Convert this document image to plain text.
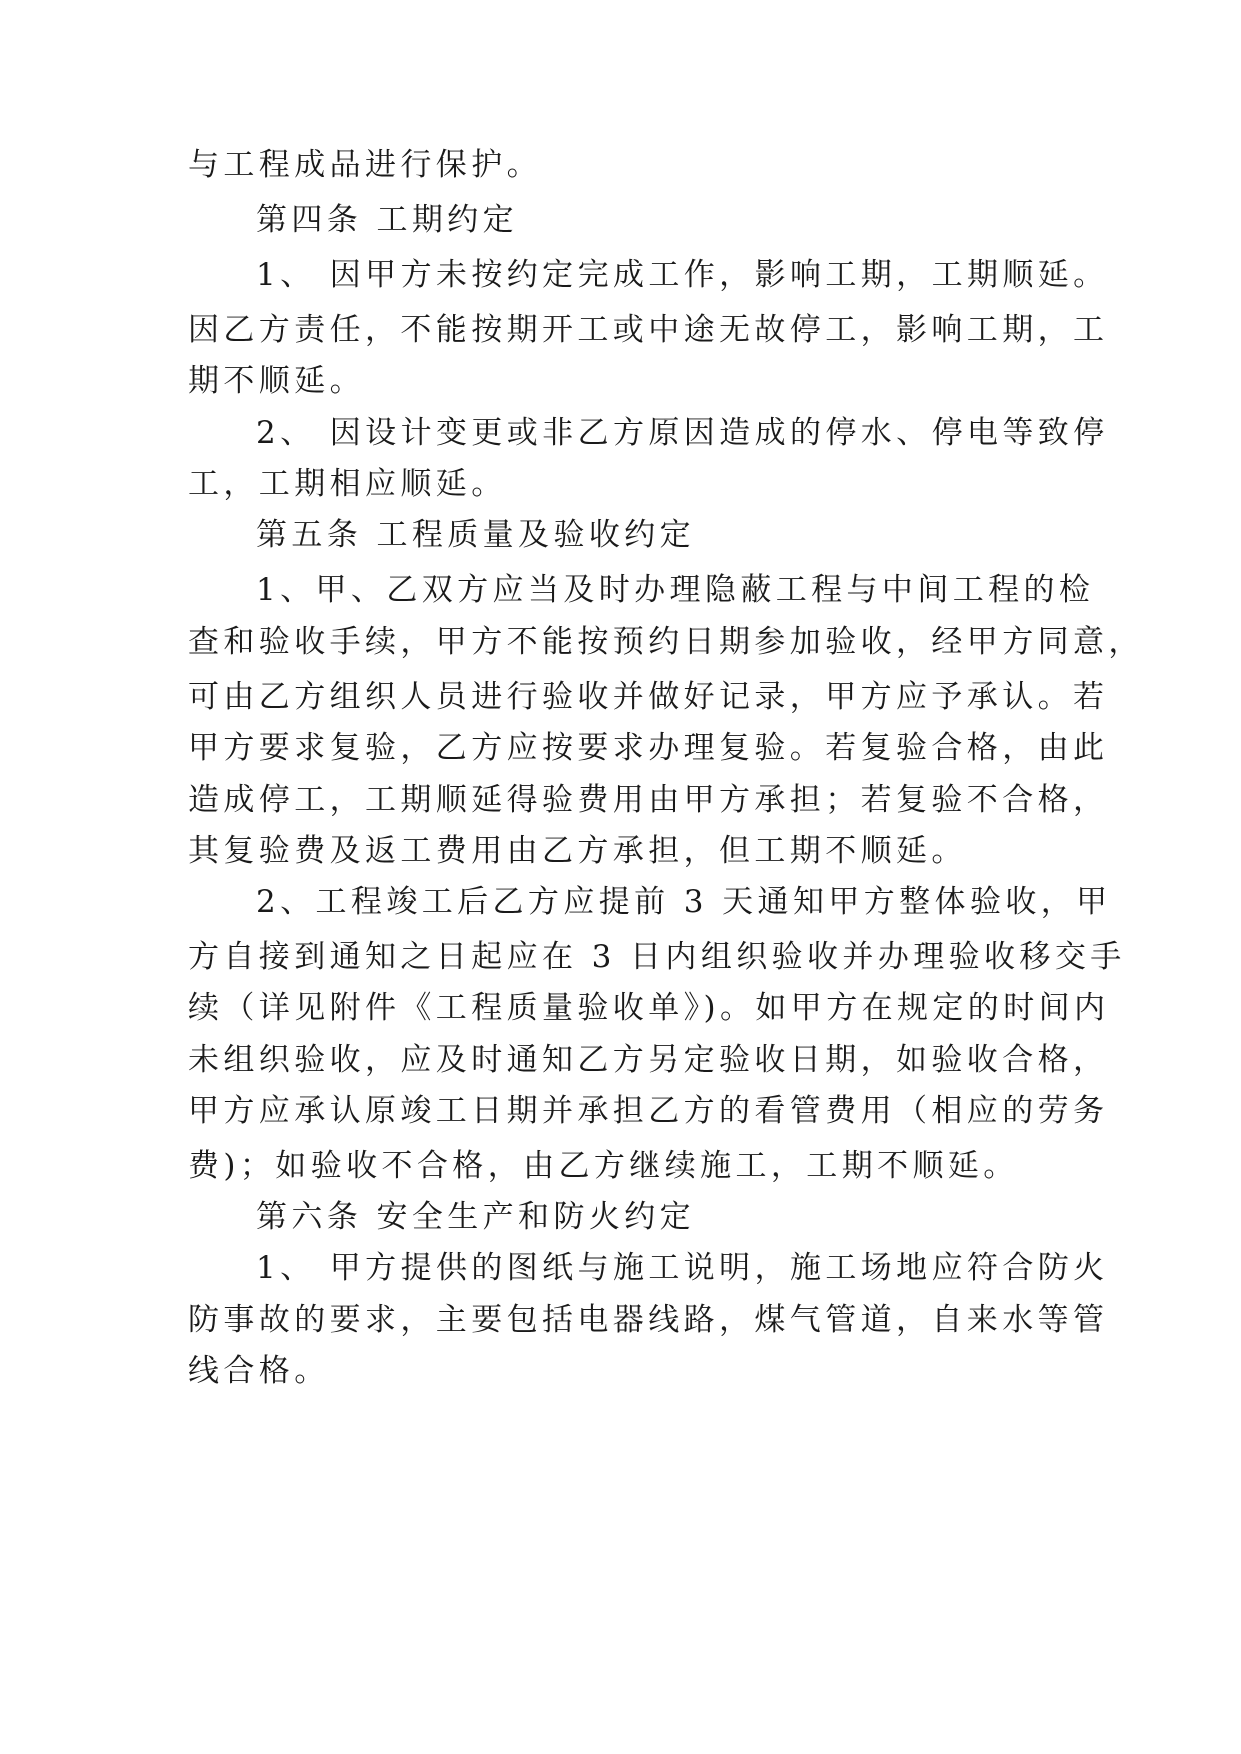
与工程成品进行保护。

第四条 工期约定

1、 因甲方未按约定完成工作，影响工期，工期顺延。

因乙方责任，不能按期开工或中途无故停工，影响工期，工

期不顺延。

2、 因设计变更或非乙方原因造成的停水、停电等致停

工，工期相应顺延。

第五条 工程质量及验收约定

1、甲、乙双方应当及时办理隐蔽工程与中间工程的检

查和验收手续，甲方不能按预约日期参加验收，经甲方同意，

可由乙方组织人员进行验收并做好记录，甲方应予承认。若

甲方要求复验，乙方应按要求办理复验。若复验合格，由此

造成停工，工期顺延得验费用由甲方承担；若复验不合格，

其复验费及返工费用由乙方承担，但工期不顺延。

2、工程竣工后乙方应提前 3 天通知甲方整体验收，甲

方自接到通知之日起应在 3 日内组织验收并办理验收移交手

续（详见附件《工程质量验收单》)。如甲方在规定的时间内

未组织验收，应及时通知乙方另定验收日期，如验收合格，

甲方应承认原竣工日期并承担乙方的看管费用（相应的劳务

费)；如验收不合格，由乙方继续施工，工期不顺延。

第六条 安全生产和防火约定

1、 甲方提供的图纸与施工说明，施工场地应符合防火

防事故的要求，主要包括电器线路，煤气管道，自来水等管

线合格。
